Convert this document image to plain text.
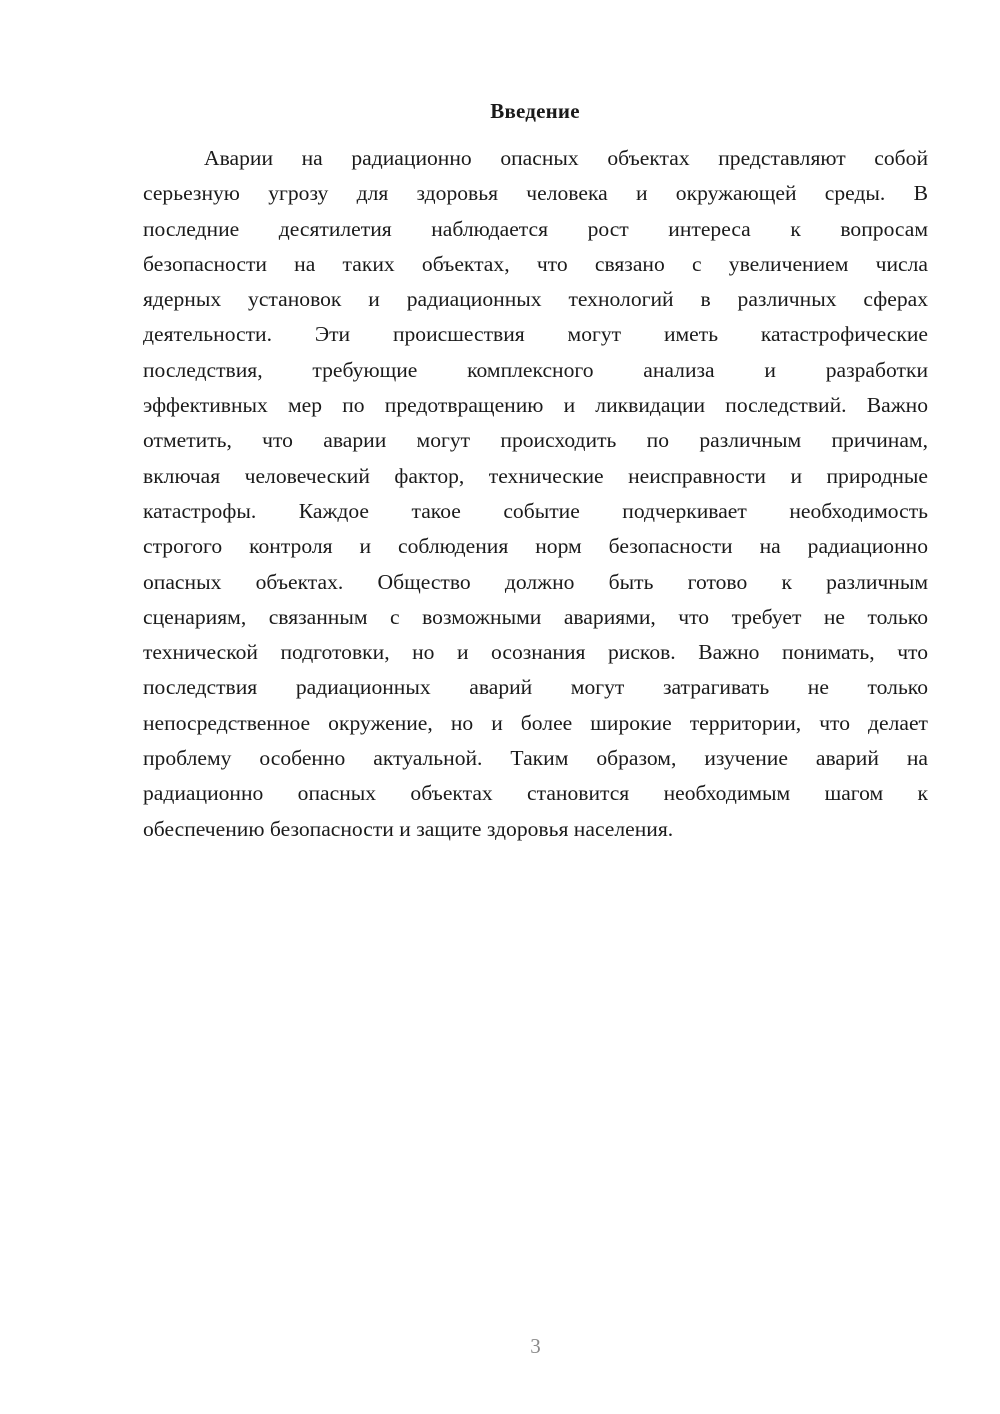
Введение
Аварии на радиационно опасных объектах представляют собой
серьезную угрозу для здоровья человека и окружающей среды. В
последние десятилетия наблюдается рост интереса к вопросам
безопасности на таких объектах, что связано с увеличением числа
ядерных установок и радиационных технологий в различных сферах
деятельности. Эти происшествия могут иметь катастрофические
последствия, требующие комплексного анализа и разработки
эффективных мер по предотвращению и ликвидации последствий. Важно
отметить, что аварии могут происходить по различным причинам,
включая человеческий фактор, технические неисправности и природные
катастрофы. Каждое такое событие подчеркивает необходимость
строгого контроля и соблюдения норм безопасности на радиационно
опасных объектах. Общество должно быть готово к различным
сценариям, связанным с возможными авариями, что требует не только
технической подготовки, но и осознания рисков. Важно понимать, что
последствия радиационных аварий могут затрагивать не только
непосредственное окружение, но и более широкие территории, что делает
проблему особенно актуальной. Таким образом, изучение аварий на
радиационно опасных объектах становится необходимым шагом к
обеспечению безопасности и защите здоровья населения.
3
